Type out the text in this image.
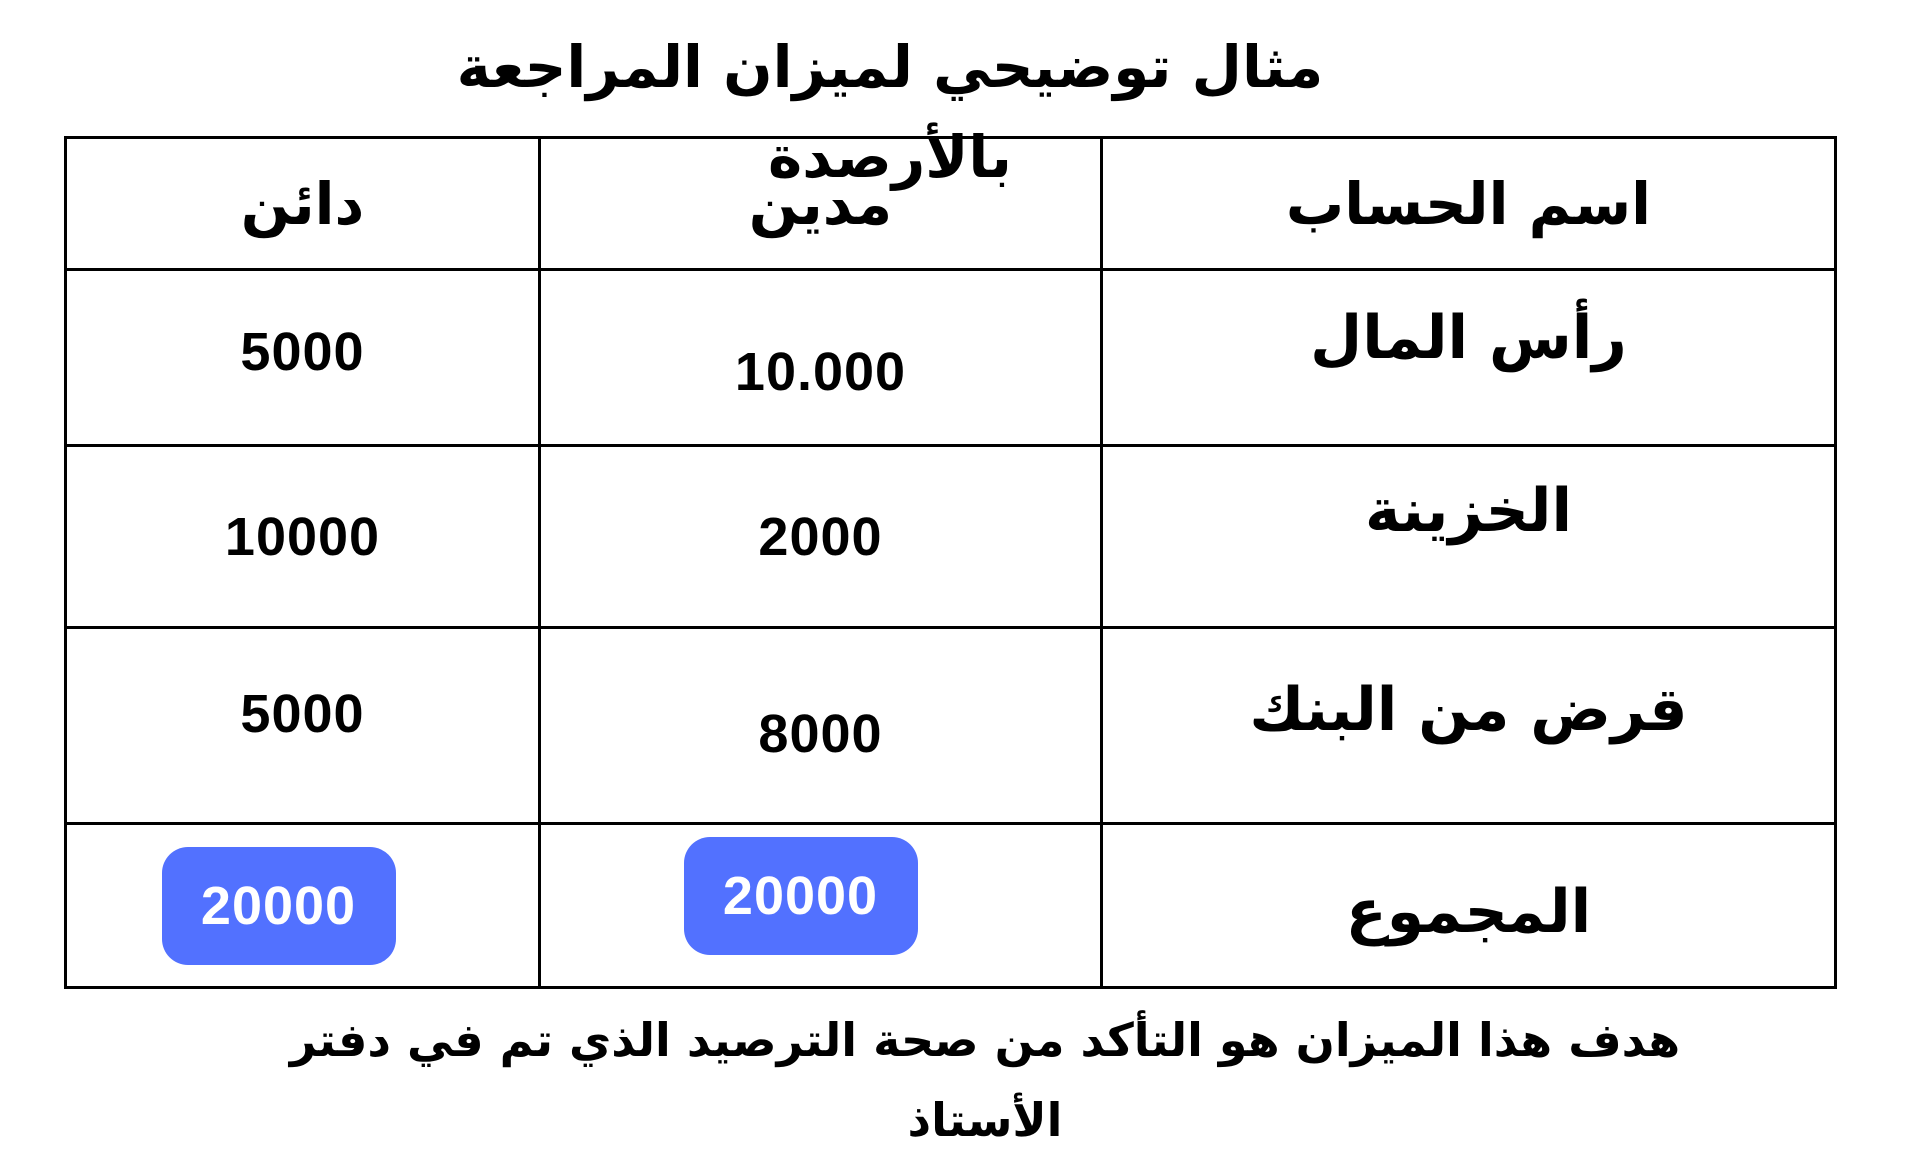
مثال توضيحي لميزان المراجعة بالأرصدة
دائن	مدين	اسم الحساب
5000	10.000	رأس المال
10000	2000	الخزينة
5000	8000	قرض من البنك
20000	20000	المجموع
هدف هذا الميزان هو التأكد من صحة الترصيد الذي تم في دفتر الأستاذ
